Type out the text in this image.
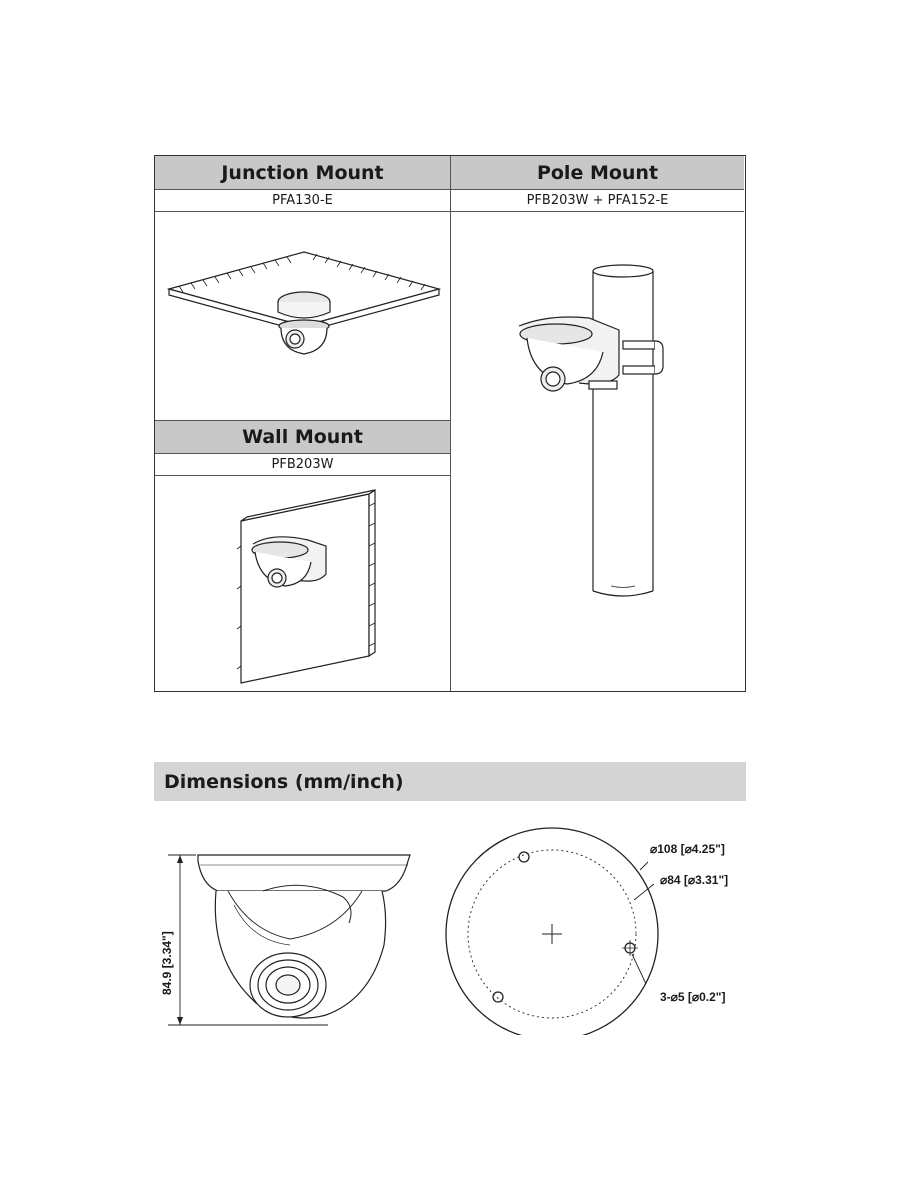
Junction Mount
PFA130-E
Wall Mount
PFB203W
Pole Mount
PFB203W + PFA152-E
Dimensions (mm/inch)
84.9 [3.34"]
⌀108 [⌀4.25"]
⌀84 [⌀3.31"]
3-⌀5 [⌀0.2"]
